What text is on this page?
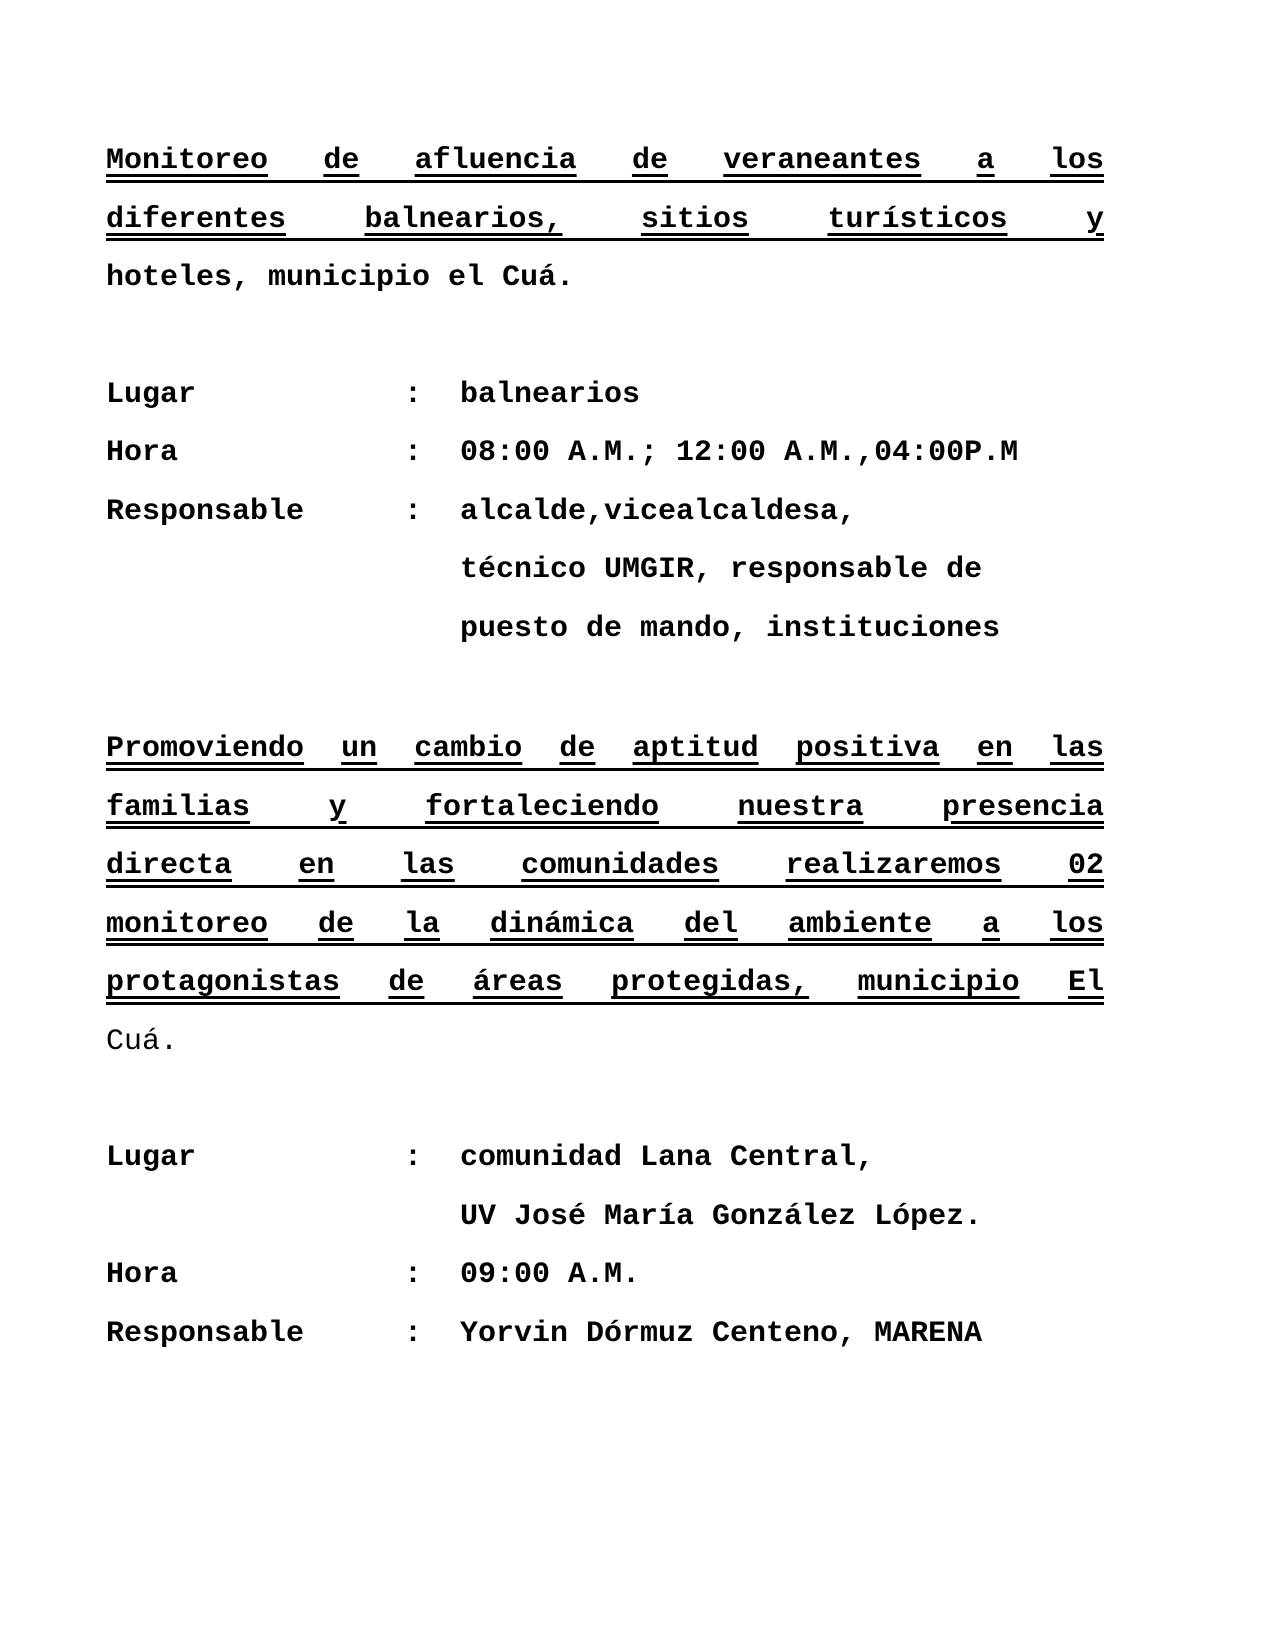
Monitoreo de afluencia de veraneantes a los
diferentes	balnearios,	sitios	turísticos	y
hoteles, municipio el Cuá.
Lugar	:	balnearios
Hora	:	08:00 A.M.; 12:00 A.M.,04:00P.M
Responsable	:	alcalde,vicealcaldesa,
técnico UMGIR, responsable de
puesto de mando, instituciones
Promoviendo un cambio de aptitud positiva en las
familias	y	fortaleciendo	nuestra	presencia
directa en las comunidades realizaremos 02
monitoreo de la dinámica del ambiente a los
protagonistas de áreas protegidas, municipio El
Cuá.
Lugar	:	comunidad Lana Central,
UV José María González López.
Hora	:	09:00 A.M.
Responsable	:	Yorvin Dórmuz Centeno, MARENA
